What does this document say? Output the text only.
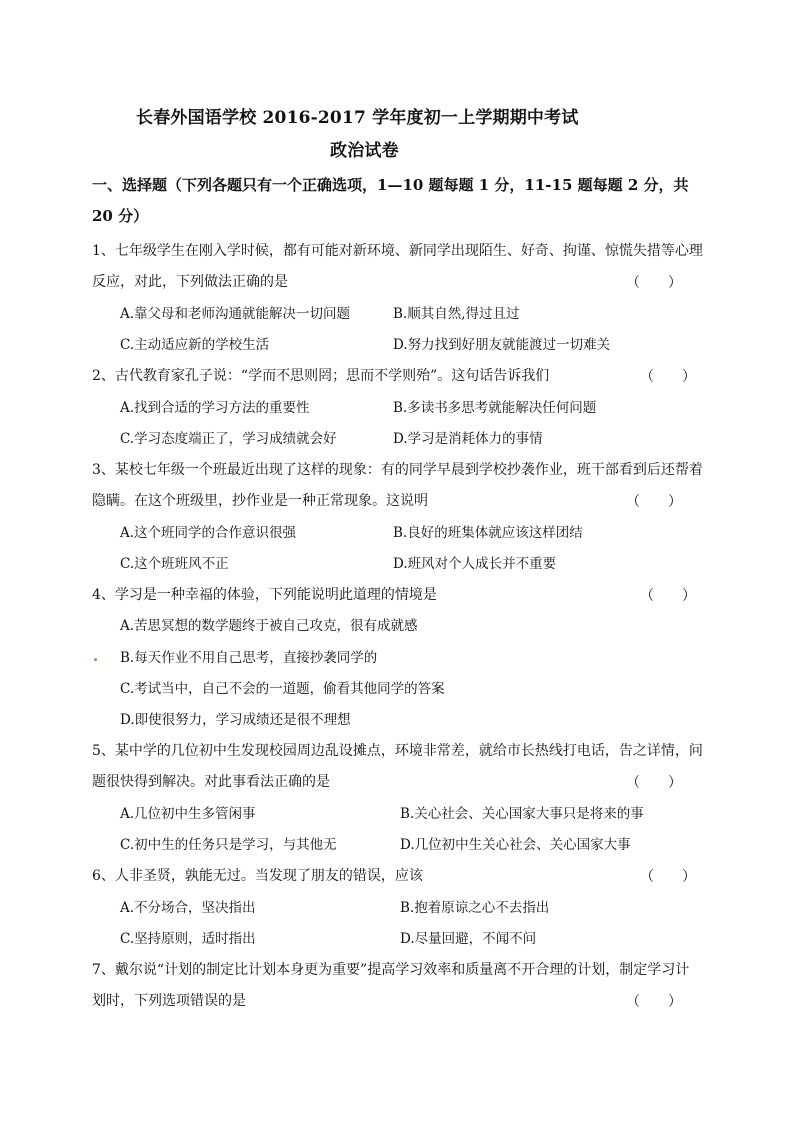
长春外国语学校 2016-2017 学年度初一上学期期中考试
政治试卷
一、选择题（下列各题只有一个正确选项，1—10 题每题 1 分，11-15 题每题 2 分，共 20 分）
1、七年级学生在刚入学时候，都有可能对新环境、新同学出现陌生、好奇、拘谨、惊慌失措等心理
反应，对此，下列做法正确的是	（　　）
A.靠父母和老师沟通就能解决一切问题	B.顺其自然,得过且过
C.主动适应新的学校生活	D.努力找到好朋友就能渡过一切难关
2、古代教育家孔子说：“学而不思则罔；思而不学则殆”。这句话告诉我们	（　　）
A.找到合适的学习方法的重要性	B.多读书多思考就能解决任何问题
C.学习态度端正了，学习成绩就会好	D.学习是消耗体力的事情
3、某校七年级一个班最近出现了这样的现象：有的同学早晨到学校抄袭作业，班干部看到后还帮着
隐瞒。在这个班级里，抄作业是一种正常现象。这说明	（　　）
A.这个班同学的合作意识很强	B.良好的班集体就应该这样团结
C.这个班班风不正	D.班风对个人成长并不重要
4、学习是一种幸福的体验，下列能说明此道理的情境是	（　　）
A.苦思冥想的数学题终于被自己攻克，很有成就感
B.每天作业不用自己思考，直接抄袭同学的
C.考试当中，自己不会的一道题，偷看其他同学的答案
D.即使很努力，学习成绩还是很不理想
5、某中学的几位初中生发现校园周边乱设摊点，环境非常差，就给市长热线打电话，告之详情，问
题很快得到解决。对此事看法正确的是	（　　）
A.几位初中生多管闲事	B.关心社会、关心国家大事只是将来的事
C.初中生的任务只是学习，与其他无	D.几位初中生关心社会、关心国家大事
6、人非圣贤，孰能无过。当发现了朋友的错误，应该	（　　）
A.不分场合，坚决指出	B.抱着原谅之心不去指出
C.坚持原则，适时指出	D.尽量回避，不闻不问
7、戴尔说“计划的制定比计划本身更为重要”提高学习效率和质量离不开合理的计划，制定学习计
划时，下列选项错误的是	（　　）
